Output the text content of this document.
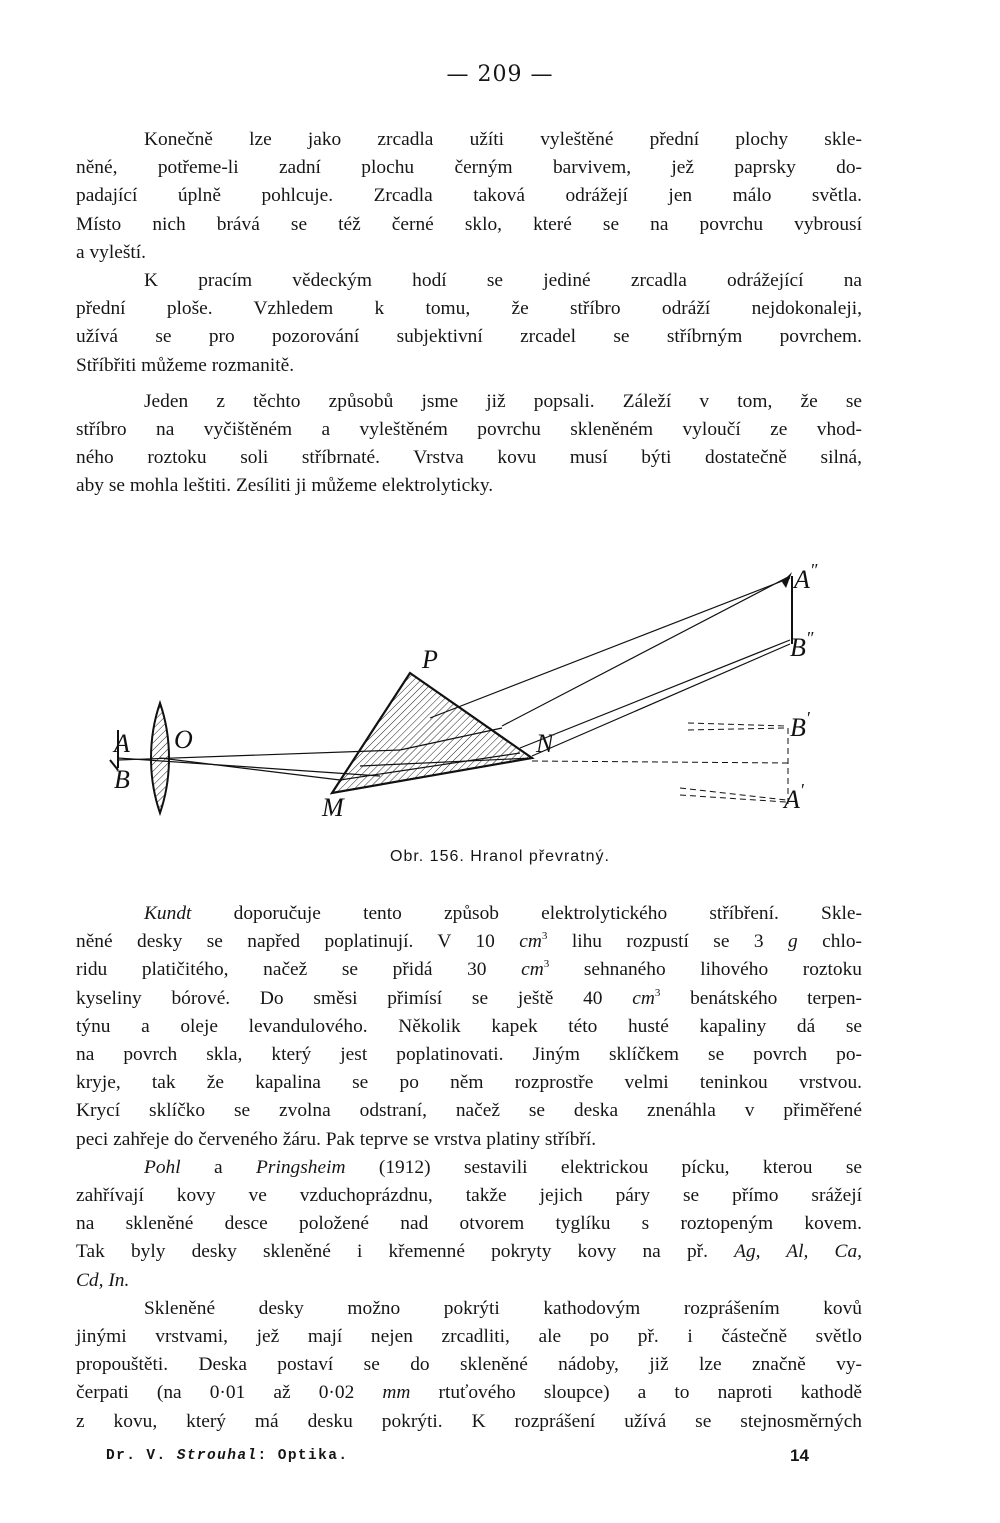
— 209 —
Konečně lze jako zrcadla užíti vyleštěné přední plochy skle-
něné, potřeme-li zadní plochu černým barvivem, jež paprsky do-
padající úplně pohlcuje. Zrcadla taková odrážejí jen málo světla.
Místo nich brává se též černé sklo, které se na povrchu vybrousí
a vyleští.
K pracím vědeckým hodí se jediné zrcadla odrážející na
přední ploše. Vzhledem k tomu, že stříbro odráží nejdokonaleji,
užívá se pro pozorování subjektivní zrcadel se stříbrným povrchem.
Stříbřiti můžeme rozmanitě.
Jeden z těchto způsobů jsme již popsali. Záleží v tom, že se
stříbro na vyčištěném a vyleštěném povrchu skleněném vyloučí ze vhod-
ného roztoku soli stříbrnaté. Vrstva kovu musí býti dostatečně silná,
aby se mohla leštiti. Zesíliti ji můžeme elektrolyticky.
A
B
O
P
M
N
A″
B″
B′
A′
Obr. 156. Hranol převratný.
Kundt doporučuje tento způsob elektrolytického stříbření. Skle-
něné desky se napřed poplatinují. V 10 $cm^3$ lihu rozpustí se 3 g chlo-
ridu platičitého, načež se přidá 30 $cm^3$ sehnaného lihového roztoku
kyseliny bórové. Do směsi přimísí se ještě 40 $cm^3$ benátského terpen-
týnu a oleje levandulového. Několik kapek této husté kapaliny dá se
na povrch skla, který jest poplatinovati. Jiným sklíčkem se povrch po-
kryje, tak že kapalina se po něm rozprostře velmi teninkou vrstvou.
Krycí sklíčko se zvolna odstraní, načež se deska znenáhla v přiměřené
peci zahřeje do červeného žáru. Pak teprve se vrstva platiny stříbří.
Pohl a Pringsheim (1912) sestavili elektrickou pícku, kterou se
zahřívají kovy ve vzduchoprázdnu, takže jejich páry se přímo srážejí
na skleněné desce položené nad otvorem tyglíku s roztopeným kovem.
Tak byly desky skleněné i křemenné pokryty kovy na př. Ag, Al, Ca,
Cd, In.
Skleněné desky možno pokrýti kathodovým rozprášením kovů
jinými vrstvami, jež mají nejen zrcadliti, ale po př. i částečně světlo
propouštěti. Deska postaví se do skleněné nádoby, již lze značně vy-
čerpati (na 0·01 až 0·02 mm rtuťového sloupce) a to naproti kathodě
z kovu, který má desku pokrýti. K rozprášení užívá se stejnosměrných
Dr. V. Strouhal: Optika.	14
